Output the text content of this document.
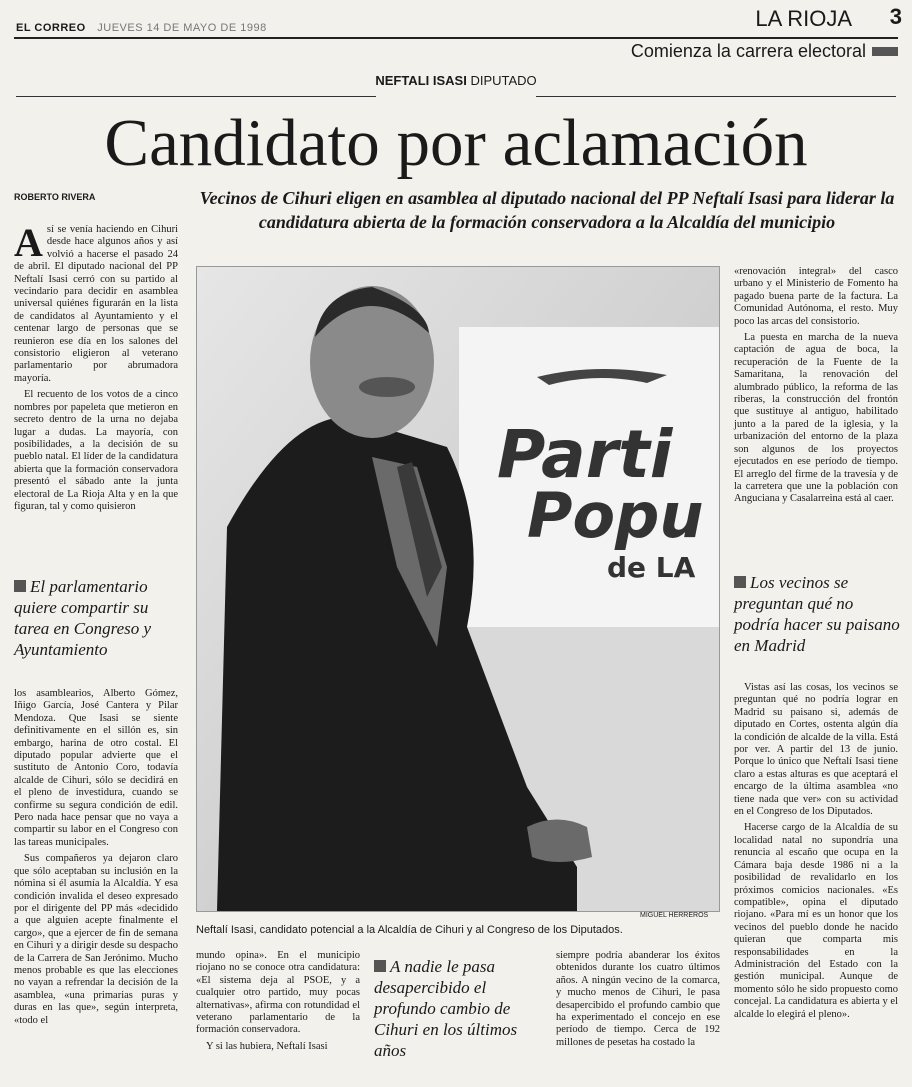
EL CORREO JUEVES 14 DE MAYO DE 1998	LA RIOJA 3
Comienza la carrera electoral
NEFTALI ISASI DIPUTADO
Candidato por aclamación
ROBERTO RIVERA	Vecinos de Cihuri eligen en asamblea al diputado nacional del PP Neftalí Isasi para liderar la candidatura abierta de la formación conservadora a la Alcaldía del municipio
A sí se venía haciendo en Cihuri desde hace algunos años y así volvió a hacerse el pasado 24 de abril. El diputado nacional del PP Neftalí Isasi cerró con su partido al vecindario para decidir en asamblea universal quiénes figurarán en la lista de candidatos al Ayuntamiento y el centenar largo de personas que se reunieron ese día en los salones del consistorio eligieron al veterano parlamentario por abrumadora mayoría.

El recuento de los votos de a cinco nombres por papeleta que metieron en secreto dentro de la urna no dejaba lugar a dudas. La mayoría, con posibilidades, a la decisión de su pueblo natal. El líder de la candidatura abierta que la formación conservadora presentó el sábado ante la junta electoral de La Rioja Alta y en la que figuran, tal y como quisieron

El parlamentario quiere compartir su tarea en Congreso y Ayuntamiento

los asamblearios, Alberto Gómez, Iñigo García, José Cantera y Pilar Mendoza. Que Isasi se siente definitivamente en el sillón es, sin embargo, harina de otro costal. El diputado popular advierte que el sustituto de Antonio Coro, todavía alcalde de Cihuri, sólo se decidirá en el pleno de investidura, cuando se confirme su segura condición de edil. Pero nada hace pensar que no vaya a compartir su labor en el Congreso con las tareas municipales.

Sus compañeros ya dejaron claro que sólo aceptaban su inclusión en la nómina si él asumía la Alcaldía. Y esa condición invalida el deseo expresado por el dirigente del PP más «decidido a que alguien acepte finalmente el cargo», que a ejercer de fin de semana en Cihuri y a dirigir desde su despacho de la Carrera de San Jerónimo. Mucho menos probable es que las elecciones no vayan a refrendar la decisión de la asamblea, «una primarias puras y duras en las que», según interpreta, «todo el

Parti
Popu
de LA
MIGUEL HERREROS
Neftalí Isasi, candidato potencial a la Alcaldía de Cihuri y al Congreso de los Diputados.

«renovación integral» del casco urbano y el Ministerio de Fomento ha pagado buena parte de la factura. La Comunidad Autónoma, el resto. Muy poco las arcas del consistorio.

La puesta en marcha de la nueva captación de agua de boca, la recuperación de la Fuente de la Samaritana, la renovación del alumbrado público, la reforma de las riberas, la construcción del frontón que sustituye al antiguo, habilitado junto a la pared de la iglesia, y la urbanización del entorno de la plaza son algunos de los proyectos ejecutados en ese período de tiempo. El arreglo del firme de la travesía y de la carretera que une la población con Anguciana y Casalarreina está al caer.

Los vecinos se preguntan qué no podría hacer su paisano en Madrid

Vistas así las cosas, los vecinos se preguntan qué no podría lograr en Madrid su paisano si, además de diputado en Cortes, ostenta algún día la condición de alcalde de la villa. Está por ver. A partir del 13 de junio. Porque lo único que Neftalí Isasi tiene claro a estas alturas es que aceptará el encargo de la última asamblea «no tiene nada que ver» con su actividad en el Congreso de los Diputados.

Hacerse cargo de la Alcaldía de su localidad natal no supondría una renuncia al escaño que ocupa en la Cámara baja desde 1986 ni a la posibilidad de revalidarlo en los próximos comicios nacionales. «Es compatible», opina el diputado riojano. «Para mí es un honor que los vecinos del pueblo donde he nacido quieran que comparta mis responsabilidades en la Administración del Estado con la gestión municipal. Aunque de momento sólo he sido propuesto como concejal. La candidatura es abierta y el alcalde lo elegirá el pleno».

mundo opina». En el municipio riojano no se conoce otra candidatura: «El sistema deja al PSOE, y a cualquier otro partido, muy pocas alternativas», afirma con rotundidad el veterano parlamentario de la formación conservadora.

Y si las hubiera, Neftalí Isasi

A nadie le pasa desapercibido el profundo cambio de Cihuri en los últimos años

siempre podría abanderar los éxitos obtenidos durante los cuatro últimos años. A ningún vecino de la comarca, y mucho menos de Cihuri, le pasa desapercibido el profundo cambio que ha experimentado el concejo en ese período de tiempo. Cerca de 192 millones de pesetas ha costado la
